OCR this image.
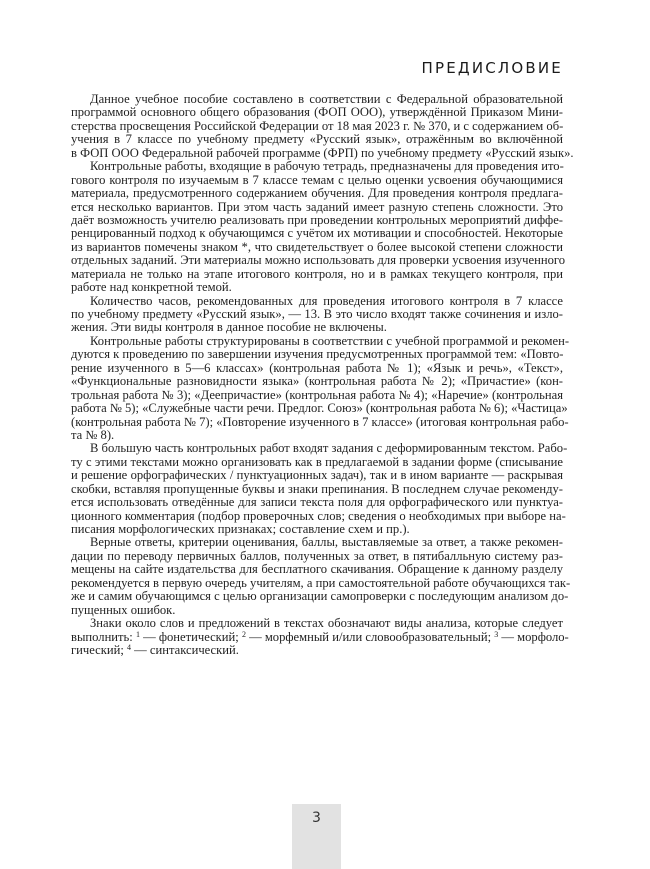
ПРЕДИСЛОВИЕ
Данное учебное пособие составлено в соответствии с Федеральной образовательной
программой основного общего образования (ФОП ООО), утверждённой Приказом Мини-
стерства просвещения Российской Федерации от 18 мая 2023 г. № 370, и с содержанием об-
учения в 7 классе по учебному предмету «Русский язык», отражённым во включённой
в ФОП ООО Федеральной рабочей программе (ФРП) по учебному предмету «Русский язык».
Контрольные работы, входящие в рабочую тетрадь, предназначены для проведения ито-
гового контроля по изучаемым в 7 классе темам с целью оценки усвоения обучающимися
материала, предусмотренного содержанием обучения. Для проведения контроля предлага-
ется несколько вариантов. При этом часть заданий имеет разную степень сложности. Это
даёт возможность учителю реализовать при проведении контрольных мероприятий диффе-
ренцированный подход к обучающимся с учётом их мотивации и способностей. Некоторые
из вариантов помечены знаком *, что свидетельствует о более высокой степени сложности
отдельных заданий. Эти материалы можно использовать для проверки усвоения изученного
материала не только на этапе итогового контроля, но и в рамках текущего контроля, при
работе над конкретной темой.
Количество часов, рекомендованных для проведения итогового контроля в 7 классе
по учебному предмету «Русский язык», — 13. В это число входят также сочинения и изло-
жения. Эти виды контроля в данное пособие не включены.
Контрольные работы структурированы в соответствии с учебной программой и рекомен-
дуются к проведению по завершении изучения предусмотренных программой тем: «Повто-
рение изученного в 5—6 классах» (контрольная работа № 1); «Язык и речь», «Текст»,
«Функциональные разновидности языка» (контрольная работа № 2); «Причастие» (кон-
трольная работа № 3); «Деепричастие» (контрольная работа № 4); «Наречие» (контрольная
работа № 5); «Служебные части речи. Предлог. Союз» (контрольная работа № 6); «Частица»
(контрольная работа № 7); «Повторение изученного в 7 классе» (итоговая контрольная рабо-
та № 8).
В большую часть контрольных работ входят задания с деформированным текстом. Рабо-
ту с этими текстами можно организовать как в предлагаемой в задании форме (списывание
и решение орфографических / пунктуационных задач), так и в ином варианте — раскрывая
скобки, вставляя пропущенные буквы и знаки препинания. В последнем случае рекоменду-
ется использовать отведённые для записи текста поля для орфографического или пунктуа-
ционного комментария (подбор проверочных слов; сведения о необходимых при выборе на-
писания морфологических признаках; составление схем и пр.).
Верные ответы, критерии оценивания, баллы, выставляемые за ответ, а также рекомен-
дации по переводу первичных баллов, полученных за ответ, в пятибалльную систему раз-
мещены на сайте издательства для бесплатного скачивания. Обращение к данному разделу
рекомендуется в первую очередь учителям, а при самостоятельной работе обучающихся так-
же и самим обучающимся с целью организации самопроверки с последующим анализом до-
пущенных ошибок.
Знаки около слов и предложений в текстах обозначают виды анализа, которые следует
выполнить: $^1$ — фонетический; $^2$ — морфемный и/или словообразовательный; $^3$ — морфоло-
гический; $^4$ — синтаксический.
3
